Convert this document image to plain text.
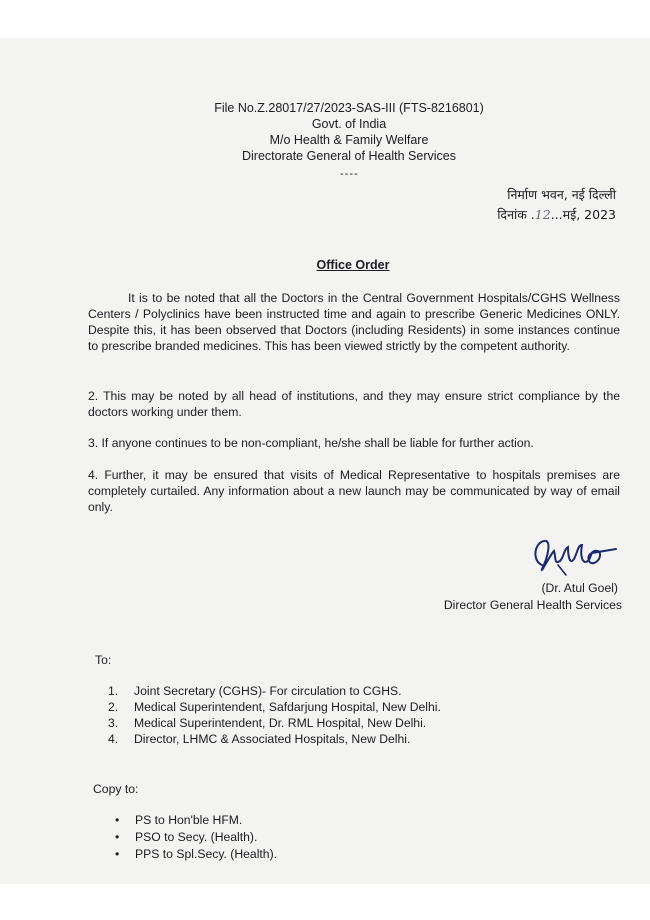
File No.Z.28017/27/2023-SAS-III (FTS-8216801)
Govt. of India
M/o Health & Family Welfare
Directorate General of Health Services
----
निर्माण भवन, नई दिल्ली
दिनांक .12...मई, 2023
Office Order
It is to be noted that all the Doctors in the Central Government Hospitals/CGHS Wellness Centers / Polyclinics have been instructed time and again to prescribe Generic Medicines ONLY. Despite this, it has been observed that Doctors (including Residents) in some instances continue to prescribe branded medicines. This has been viewed strictly by the competent authority.
2. This may be noted by all head of institutions, and they may ensure strict compliance by the doctors working under them.
3. If anyone continues to be non-compliant, he/she shall be liable for further action.
4. Further, it may be ensured that visits of Medical Representative to hospitals premises are completely curtailed. Any information about a new launch may be communicated by way of email only.
(Dr. Atul Goel)
Director General Health Services
To:
1.	Joint Secretary (CGHS)- For circulation to CGHS.
2.	Medical Superintendent, Safdarjung Hospital, New Delhi.
3.	Medical Superintendent, Dr. RML Hospital, New Delhi.
4.	Director, LHMC & Associated Hospitals, New Delhi.
Copy to:
•	PS to Hon'ble HFM.
•	PSO to Secy. (Health).
•	PPS to Spl.Secy. (Health).
